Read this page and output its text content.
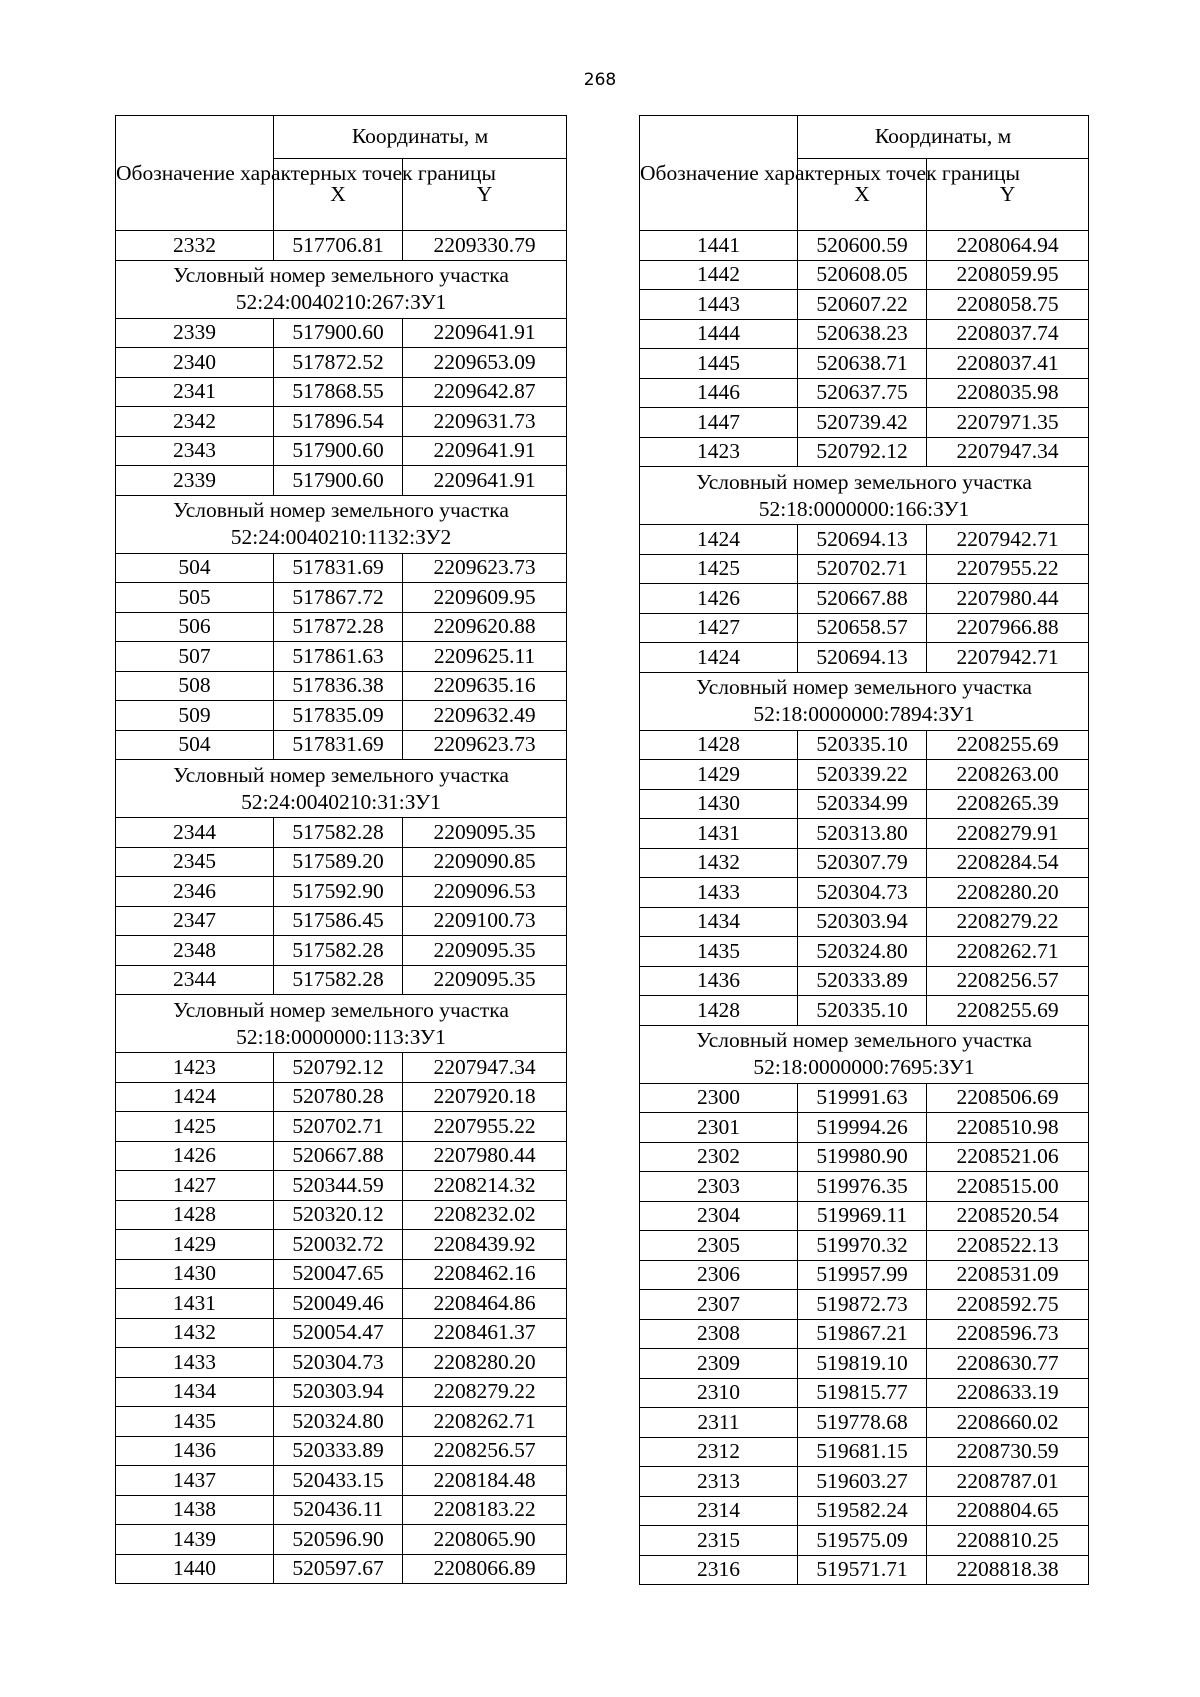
268
Обозначение характерных точек границы	Координаты, м	
	X	Y
2332	517706.81	2209330.79

Условный номер земельного участка
52:24:0040210:267:ЗУ1		

2339	517900.60	2209641.91
2340	517872.52	2209653.09
2341	517868.55	2209642.87
2342	517896.54	2209631.73
2343	517900.60	2209641.91
2339	517900.60	2209641.91

Условный номер земельного участка
52:24:0040210:1132:ЗУ2		

504	517831.69	2209623.73
505	517867.72	2209609.95
506	517872.28	2209620.88
507	517861.63	2209625.11
508	517836.38	2209635.16
509	517835.09	2209632.49
504	517831.69	2209623.73

Условный номер земельного участка
52:24:0040210:31:ЗУ1		

2344	517582.28	2209095.35
2345	517589.20	2209090.85
2346	517592.90	2209096.53
2347	517586.45	2209100.73
2348	517582.28	2209095.35
2344	517582.28	2209095.35

Условный номер земельного участка
52:18:0000000:113:ЗУ1		

1423	520792.12	2207947.34
1424	520780.28	2207920.18
1425	520702.71	2207955.22
1426	520667.88	2207980.44
1427	520344.59	2208214.32
1428	520320.12	2208232.02
1429	520032.72	2208439.92
1430	520047.65	2208462.16
1431	520049.46	2208464.86
1432	520054.47	2208461.37
1433	520304.73	2208280.20
1434	520303.94	2208279.22
1435	520324.80	2208262.71
1436	520333.89	2208256.57
1437	520433.15	2208184.48
1438	520436.11	2208183.22
1439	520596.90	2208065.90
1440	520597.67	2208066.89
Обозначение характерных точек границы	Координаты, м	
	X	Y
1441	520600.59	2208064.94
1442	520608.05	2208059.95
1443	520607.22	2208058.75
1444	520638.23	2208037.74
1445	520638.71	2208037.41
1446	520637.75	2208035.98
1447	520739.42	2207971.35
1423	520792.12	2207947.34

Условный номер земельного участка
52:18:0000000:166:ЗУ1		

1424	520694.13	2207942.71
1425	520702.71	2207955.22
1426	520667.88	2207980.44
1427	520658.57	2207966.88
1424	520694.13	2207942.71

Условный номер земельного участка
52:18:0000000:7894:ЗУ1		

1428	520335.10	2208255.69
1429	520339.22	2208263.00
1430	520334.99	2208265.39
1431	520313.80	2208279.91
1432	520307.79	2208284.54
1433	520304.73	2208280.20
1434	520303.94	2208279.22
1435	520324.80	2208262.71
1436	520333.89	2208256.57
1428	520335.10	2208255.69

Условный номер земельного участка
52:18:0000000:7695:ЗУ1		

2300	519991.63	2208506.69
2301	519994.26	2208510.98
2302	519980.90	2208521.06
2303	519976.35	2208515.00
2304	519969.11	2208520.54
2305	519970.32	2208522.13
2306	519957.99	2208531.09
2307	519872.73	2208592.75
2308	519867.21	2208596.73
2309	519819.10	2208630.77
2310	519815.77	2208633.19
2311	519778.68	2208660.02
2312	519681.15	2208730.59
2313	519603.27	2208787.01
2314	519582.24	2208804.65
2315	519575.09	2208810.25
2316	519571.71	2208818.38
